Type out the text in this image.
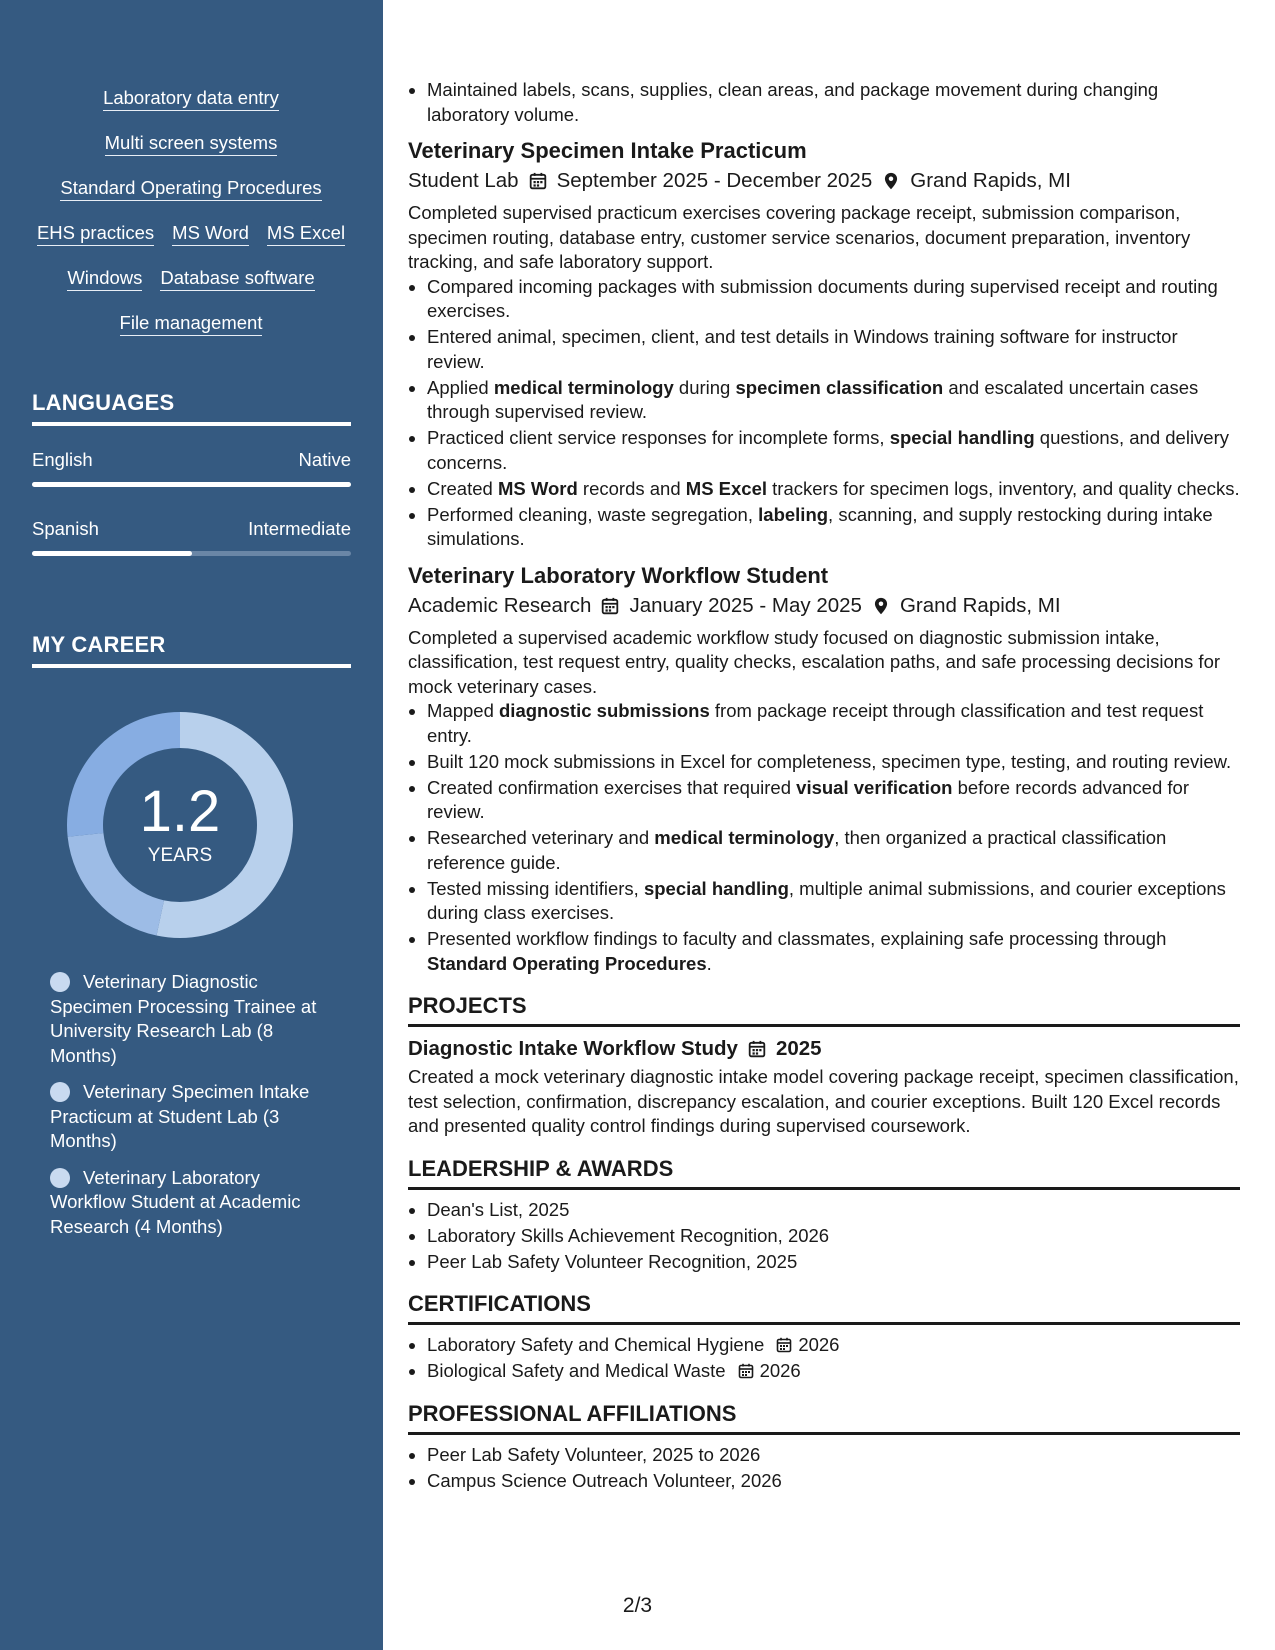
Laboratory data entry
Multi screen systems
Standard Operating Procedures
EHS practices MS Word MS Excel
Windows Database software
File management
LANGUAGES
English	Native
Spanish	Intermediate
MY CAREER
1.2
YEARS
Veterinary Diagnostic Specimen Processing Trainee at University Research Lab (8 Months)
Veterinary Specimen Intake Practicum at Student Lab (3 Months)
Veterinary Laboratory Workflow Student at Academic Research (4 Months)
• Maintained labels, scans, supplies, clean areas, and package movement during changing laboratory volume.
Veterinary Specimen Intake Practicum
Student Lab September 2025 - December 2025 Grand Rapids, MI
Completed supervised practicum exercises covering package receipt, submission comparison, specimen routing, database entry, customer service scenarios, document preparation, inventory tracking, and safe laboratory support.
• Compared incoming packages with submission documents during supervised receipt and routing exercises.
• Entered animal, specimen, client, and test details in Windows training software for instructor review.
• Applied medical terminology during specimen classification and escalated uncertain cases through supervised review.
• Practiced client service responses for incomplete forms, special handling questions, and delivery concerns.
• Created MS Word records and MS Excel trackers for specimen logs, inventory, and quality checks.
• Performed cleaning, waste segregation, labeling, scanning, and supply restocking during intake simulations.
Veterinary Laboratory Workflow Student
Academic Research January 2025 - May 2025 Grand Rapids, MI
Completed a supervised academic workflow study focused on diagnostic submission intake, classification, test request entry, quality checks, escalation paths, and safe processing decisions for mock veterinary cases.
• Mapped diagnostic submissions from package receipt through classification and test request entry.
• Built 120 mock submissions in Excel for completeness, specimen type, testing, and routing review.
• Created confirmation exercises that required visual verification before records advanced for review.
• Researched veterinary and medical terminology, then organized a practical classification reference guide.
• Tested missing identifiers, special handling, multiple animal submissions, and courier exceptions during class exercises.
• Presented workflow findings to faculty and classmates, explaining safe processing through Standard Operating Procedures.
PROJECTS
Diagnostic Intake Workflow Study 2025
Created a mock veterinary diagnostic intake model covering package receipt, specimen classification, test selection, confirmation, discrepancy escalation, and courier exceptions. Built 120 Excel records and presented quality control findings during supervised coursework.
LEADERSHIP & AWARDS
• Dean's List, 2025
• Laboratory Skills Achievement Recognition, 2026
• Peer Lab Safety Volunteer Recognition, 2025
CERTIFICATIONS
• Laboratory Safety and Chemical Hygiene 2026
• Biological Safety and Medical Waste 2026
PROFESSIONAL AFFILIATIONS
• Peer Lab Safety Volunteer, 2025 to 2026
• Campus Science Outreach Volunteer, 2026
2/3
